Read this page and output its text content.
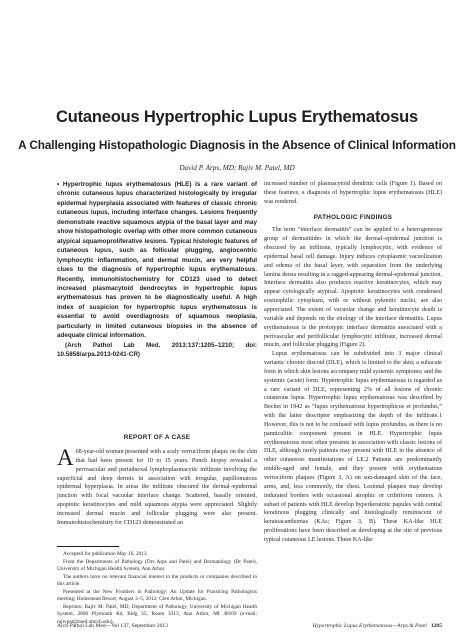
Cutaneous Hypertrophic Lupus Erythematosus
A Challenging Histopathologic Diagnosis in the Absence of Clinical Information
David P. Arps, MD; Rajiv M. Patel, MD

• Hypertrophic lupus erythematosus (HLE) is a rare variant of chronic cutaneous lupus characterized histologically by irregular epidermal hyperplasia associated with features of classic chronic cutaneous lupus, including interface changes. Lesions frequently demonstrate reactive squamous atypia of the basal layer and may show histopathologic overlap with other more common cutaneous atypical squamoproliferative lesions. Typical histologic features of cutaneous lupus, such as follicular plugging, angiocentric lymphocytic inflammation, and dermal mucin, are very helpful clues to the diagnosis of hypertrophic lupus erythematosus. Recently, immunohistochemistry for CD123 used to detect increased plasmacytoid dendrocytes in hypertrophic lupus erythematosus has proven to be diagnostically useful. A high index of suspicion for hypertrophic lupus erythematosus is essential to avoid overdiagnosis of squamous neoplasia, particularly in limited cutaneous biopsies in the absence of adequate clinical information.

(Arch Pathol Lab Med. 2013;137:1205–1210; doi: 10.5858/arpa.2013-0241-CR)

REPORT OF A CASE

A 68-year-old woman presented with a scaly verruciform plaque on the chin that had been present for 10 to 15 years. Punch biopsy revealed a perivascular and periadnexal lymphoplasmacytic infiltrate involving the superficial and deep dermis in association with irregular, papillomatous epidermal hyperplasia. In areas the infiltrate obscured the dermal–epidermal junction with focal vacuolar interface change. Scattered, basally oriented, apoptotic keratinocytes and mild squamous atypia were appreciated. Slightly increased dermal mucin and follicular plugging were also present. Immunohistochemistry for CD123 demonstrated an

Accepted for publication May 16, 2013.

From the Departments of Pathology (Drs Arps and Patel) and Dermatology (Dr Patel), University of Michigan Health System, Ann Arbor.

The authors have no relevant financial interest in the products or companies described in this article.

Presented at the New Frontiers in Pathology: An Update for Practicing Pathologists meeting; Homestead Resort; August 3–5, 2012; Glen Arbor, Michigan.

Reprints: Rajiv M. Patel, MD, Department of Pathology, University of Michigan Health System, 2800 Plymouth Rd, Bldg 35, Room 3313, Ann Arbor, MI 48109 (e-mail: rajivpat@med.umich.edu).

increased number of plasmacytoid dendritic cells (Figure 1). Based on these features, a diagnosis of hypertrophic lupus erythematosus (HLE) was rendered.

PATHOLOGIC FINDINGS

The term “interface dermatitis” can be applied to a heterogeneous group of dermatitides in which the dermal–epidermal junction is obscured by an infiltrate, typically lymphocytic, with evidence of epidermal basal cell damage. Injury induces cytoplasmic vacuolization and edema of the basal layer, with separation from the underlying lamina densa resulting in a ragged-appearing dermal-epidermal junction. Interface dermatitis also produces reactive keratinocytes, which may appear cytologically atypical. Apoptotic keratinocytes with condensed eosinophilic cytoplasm, with or without pyknotic nuclei, are also appreciated. The extent of vacuolar change and keratinocyte death is variable and depends on the etiology of the interface dermatitis. Lupus erythematosus is the prototypic interface dermatitis associated with a perivascular and perifollicular lymphocytic infiltrate, increased dermal mucin, and follicular plugging (Figure 2).

Lupus erythematosus can be subdivided into 3 major clinical variants: chronic discoid (DLE), which is limited to the skin; a subacute form in which skin lesions accompany mild systemic symptoms; and the systemic (acute) form. Hypertrophic lupus erythematosus is regarded as a rare variant of DLE, representing 2% of all lesions of chronic cutaneous lupus. Hypertrophic lupus erythematosus was described by Bechet in 1942 as “lupus erythematosus hypertrophicus et profundus,” with the latter descriptor emphasizing the depth of the infiltrate.1 However, this is not to be confused with lupus profundus, as there is no panniculitic component present in HLE. Hypertrophic lupus erythematosus most often presents in association with classic lesions of DLE, although rarely patients may present with HLE in the absence of other cutaneous manifestations of LE.2 Patients are predominantly middle-aged and female, and they present with erythematous verruciform plaques (Figure 3, A) on sun-damaged skin of the face, arms, and, less commonly, the chest. Lesional plaques may develop indurated borders with occasional atrophic or cribriform centers. A subset of patients with HLE develop hyperkeratotic papules with central keratinous plugging clinically and histologically reminiscent of keratoacanthomas (KAs; Figure 3, B). These KA-like HLE proliferations have been described as developing at the site of previous typical cutaneous LE lesions. These KA-like

Arch Pathol Lab Med—Vol 137, September 2013	Hypertrophic Lupus Erythematosus—Arps & Patel 1205
